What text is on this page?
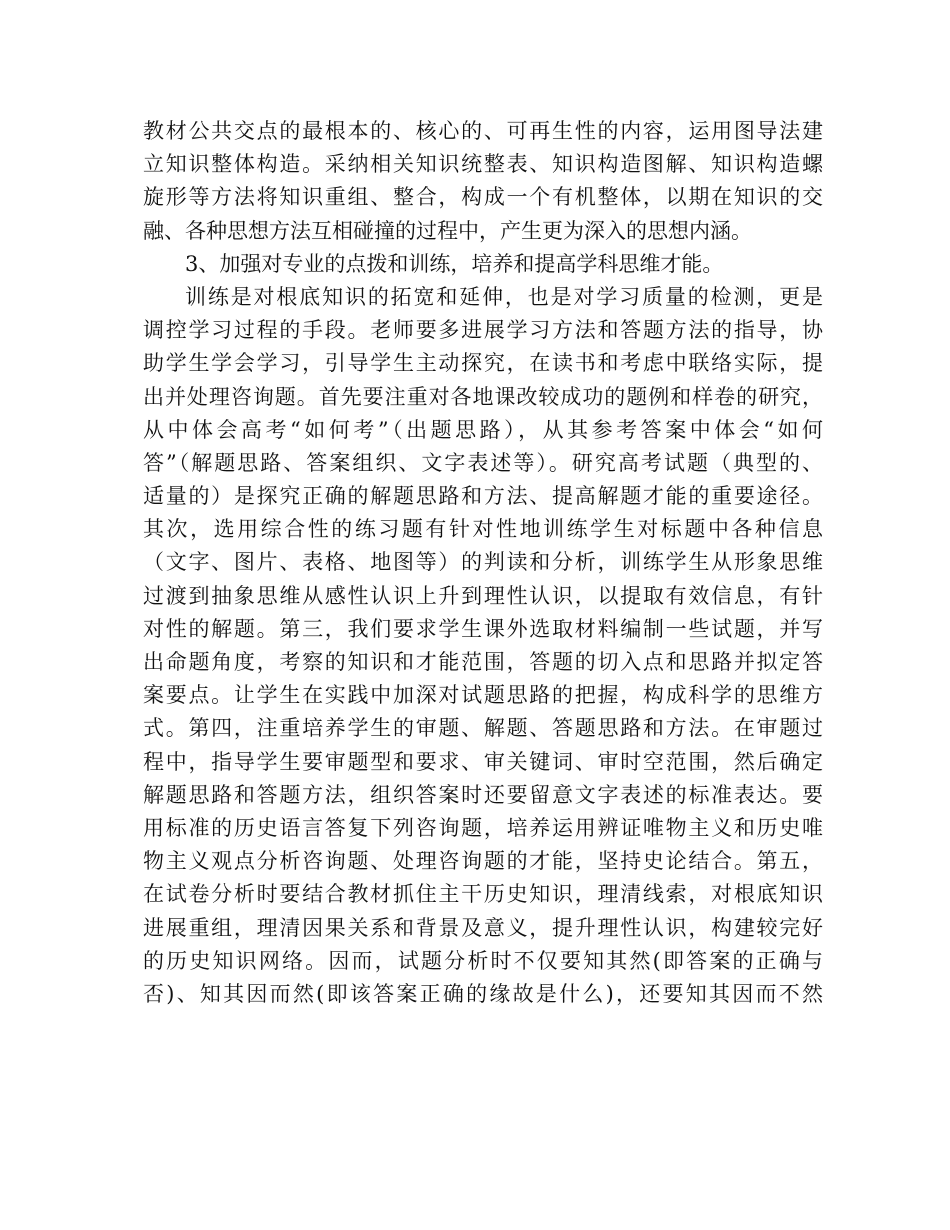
教材公共交点的最根本的、核心的、可再生性的内容，运用图导法建
立知识整体构造。采纳相关知识统整表、知识构造图解、知识构造螺
旋形等方法将知识重组、整合，构成一个有机整体，以期在知识的交
融、各种思想方法互相碰撞的过程中，产生更为深入的思想内涵。
3、加强对专业的点拨和训练，培养和提高学科思维才能。
训练是对根底知识的拓宽和延伸，也是对学习质量的检测，更是
调控学习过程的手段。老师要多进展学习方法和答题方法的指导，协
助学生学会学习，引导学生主动探究，在读书和考虑中联络实际，提
出并处理咨询题。首先要注重对各地课改较成功的题例和样卷的研究，
从中体会高考“如何考”（出题思路），从其参考答案中体会“如何
答”（解题思路、答案组织、文字表述等）。研究高考试题（典型的、
适量的）是探究正确的解题思路和方法、提高解题才能的重要途径。
其次，选用综合性的练习题有针对性地训练学生对标题中各种信息
（文字、图片、表格、地图等）的判读和分析，训练学生从形象思维
过渡到抽象思维从感性认识上升到理性认识，以提取有效信息，有针
对性的解题。第三，我们要求学生课外选取材料编制一些试题，并写
出命题角度，考察的知识和才能范围，答题的切入点和思路并拟定答
案要点。让学生在实践中加深对试题思路的把握，构成科学的思维方
式。第四，注重培养学生的审题、解题、答题思路和方法。在审题过
程中，指导学生要审题型和要求、审关键词、审时空范围，然后确定
解题思路和答题方法，组织答案时还要留意文字表述的标准表达。要
用标准的历史语言答复下列咨询题，培养运用辨证唯物主义和历史唯
物主义观点分析咨询题、处理咨询题的才能，坚持史论结合。第五，
在试卷分析时要结合教材抓住主干历史知识，理清线索，对根底知识
进展重组，理清因果关系和背景及意义，提升理性认识，构建较完好
的历史知识网络。因而，试题分析时不仅要知其然(即答案的正确与
否)、知其因而然(即该答案正确的缘故是什么)，还要知其因而不然
